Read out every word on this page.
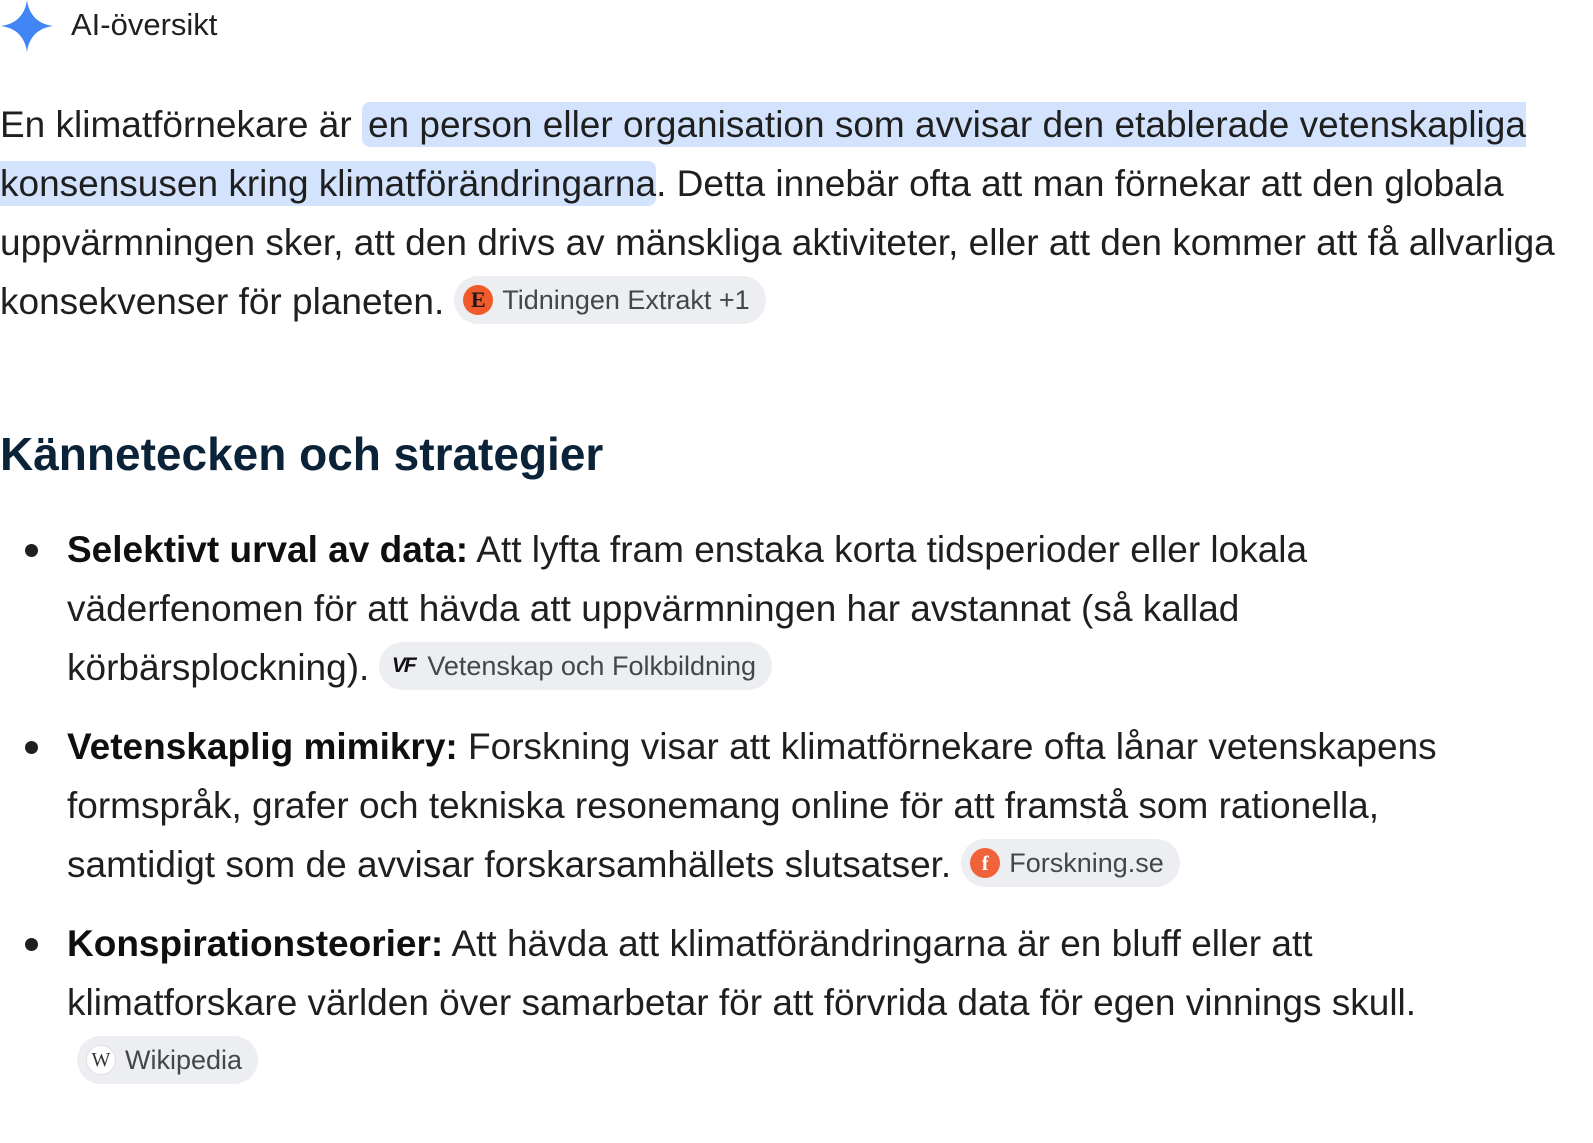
AI-översikt
En klimatförnekare är en person eller organisation som avvisar den etablerade vetenskapliga konsensusen kring klimatförändringarna. Detta innebär ofta att man förnekar att den globala uppvärmningen sker, att den drivs av mänskliga aktiviteter, eller att den kommer att få allvarliga konsekvenser för planeten.	E Tidningen Extrakt +1
Kännetecken och strategier
Selektivt urval av data: Att lyfta fram enstaka korta tidsperioder eller lokala väderfenomen för att hävda att uppvärmningen har avstannat (så kallad körbärsplockning). VF Vetenskap och Folkbildning
Vetenskaplig mimikry: Forskning visar att klimatförnekare ofta lånar vetenskapens formspråk, grafer och tekniska resonemang online för att framstå som rationella, samtidigt som de avvisar forskarsamhällets slutsatser.	f Forskning.se
Konspirationsteorier: Att hävda att klimatförändringarna är en bluff eller att klimatforskare världen över samarbetar för att förvrida data för egen vinnings skull.
W Wikipedia
